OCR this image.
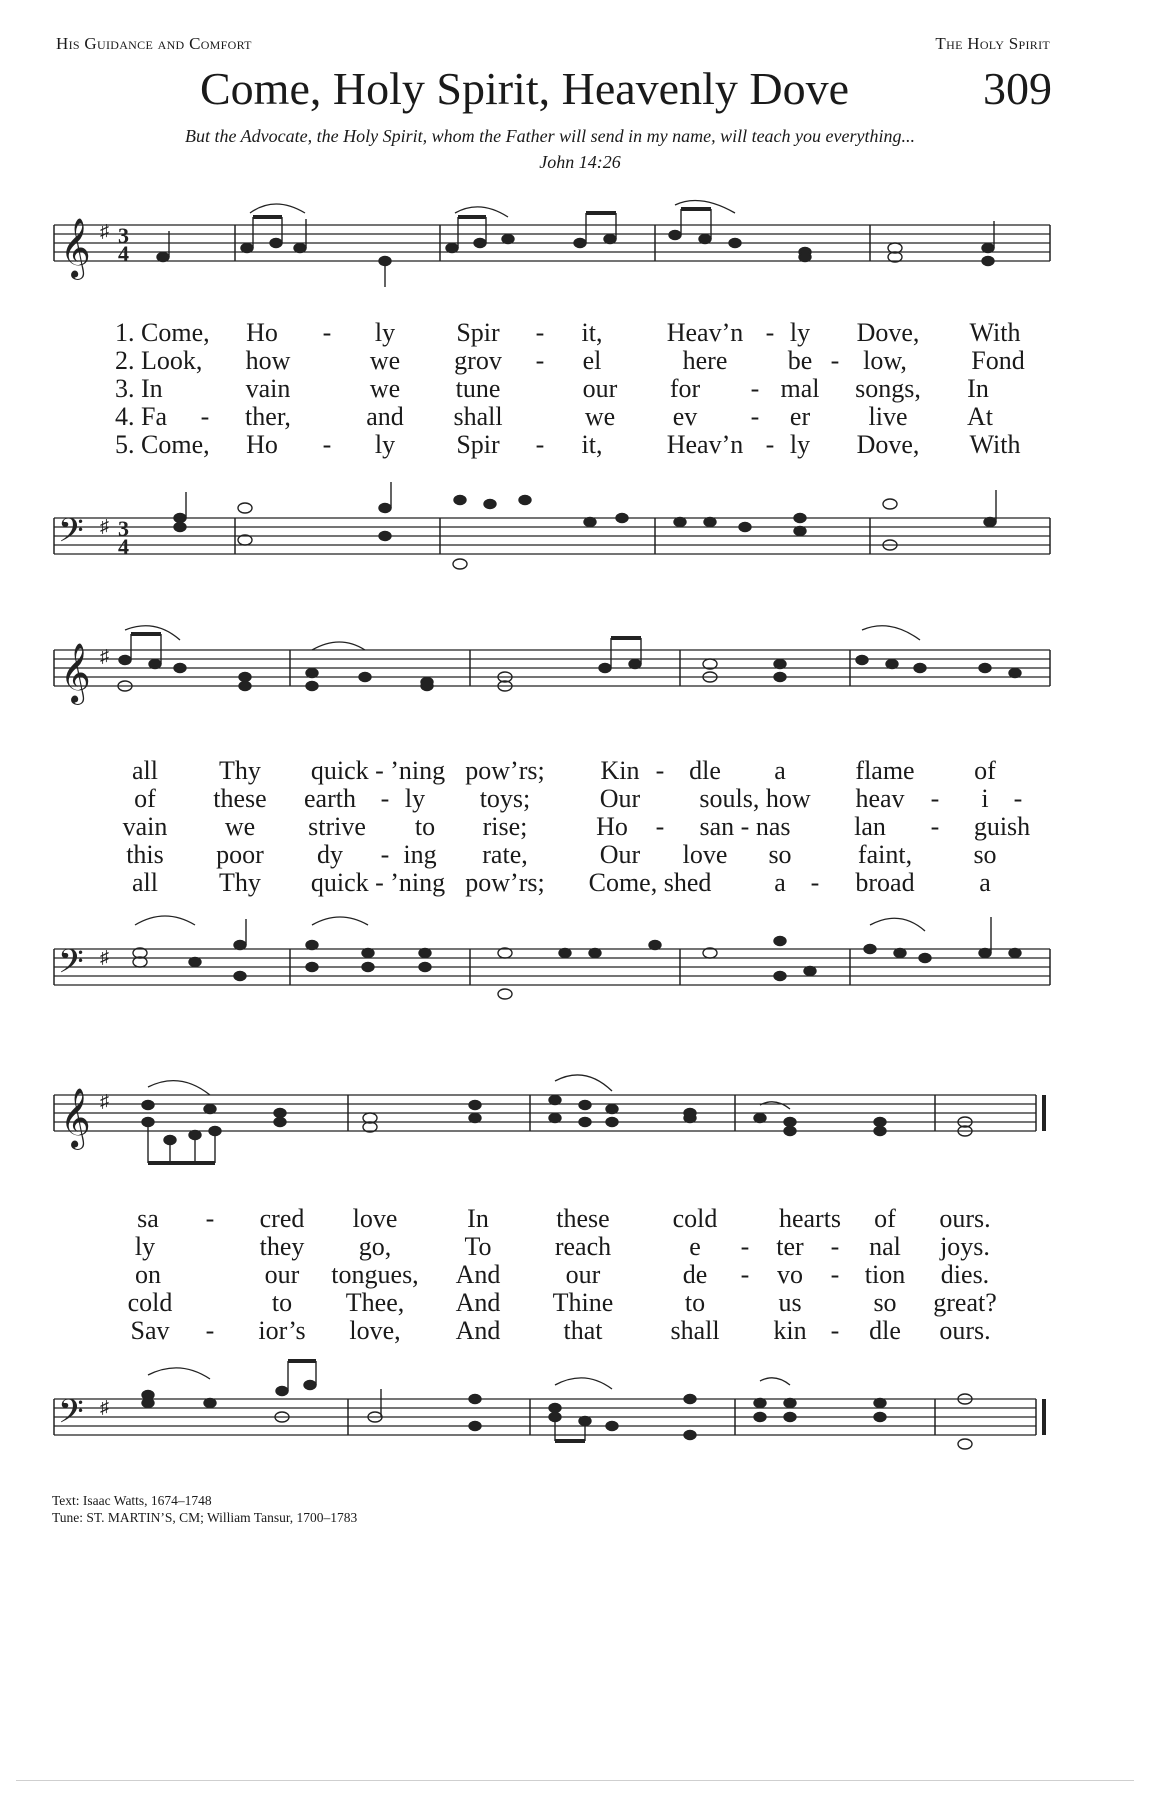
His Guidance and Comfort	The Holy Spirit
Come, Holy Spirit, Heavenly Dove	309
But the Advocate, the Holy Spirit, whom the Father will send in my name, will teach you everything...
John 14:26
𝄞 ♯ 3
4
1. Come, Ho - ly Spir - it, Heav’n - ly Dove, With
2. Look, how	we grov - el	here be - low, Fond
3. In	vain	we tune	our for - mal songs, In
4. Fa - ther,	and shall	we ev - er live At
5. Come, Ho - ly Spir - it, Heav’n - ly Dove, With
𝄢 ♯ 3
4
𝄞 ♯
all Thy quick - ’ning pow’rs; Kin - dle a	flame of
of these earth - ly toys;	Our souls, how heav - i -
vain we strive to rise;	Ho - san - nas lan - guish
this poor dy - ing rate,	Our love so	faint, so
all Thy quick - ’ning pow’rs; Come, shed a - broad a
𝄢 ♯
𝄞 ♯
sa - cred love	In	these cold hearts of ours.
ly	they go,	To reach	e - ter - nal joys.
on	our tongues, And	our	de - vo - tion dies.
cold	to Thee, And Thine	to	us	so great?
Sav - ior’s love, And that	shall kin - dle ours.
𝄢 ♯
Text: Isaac Watts, 1674–1748
Tune: ST. MARTIN’S, CM; William Tansur, 1700–1783
